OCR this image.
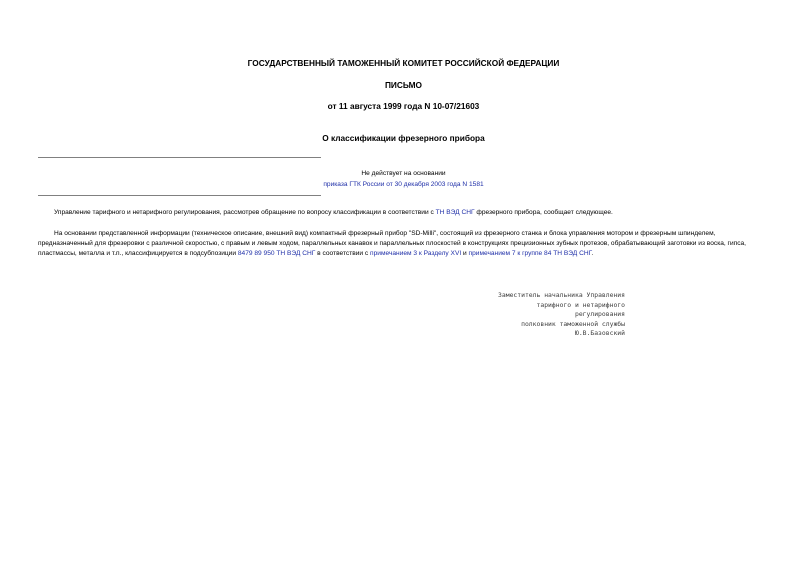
ГОСУДАРСТВЕННЫЙ ТАМОЖЕННЫЙ КОМИТЕТ РОССИЙСКОЙ ФЕДЕРАЦИИ
ПИСЬМО
от 11 августа 1999 года N 10-07/21603
О классификации фрезерного прибора
Не действует на основании
приказа ГТК России от 30 декабря 2003 года N 1581
Управление тарифного и нетарифного регулирования, рассмотрев обращение по вопросу классификации в соответствии с ТН ВЭД СНГ фрезерного прибора, сообщает следующее.
На основании представленной информации (техническое описание, внешний вид) компактный фрезерный прибор "SD-Milli", состоящий из фрезерного станка и блока управления мотором и фрезерным шпинделем, предназначенный для фрезеровки с различной скоростью, с правым и левым ходом, параллельных канавок и параллельных плоскостей в конструкциях прецизионных зубных протезов, обрабатывающий заготовки из воска, гипса, пластмассы, металла и т.п., классифицируется в подсубпозиции 8479 89 950 ТН ВЭД СНГ в соответствии с примечанием 3 к Разделу XVI и примечанием 7 к группе 84 ТН ВЭД СНГ.
Заместитель начальника Управления
тарифного и нетарифного
регулирования
полковник таможенной службы
Ю.В.Базовский
